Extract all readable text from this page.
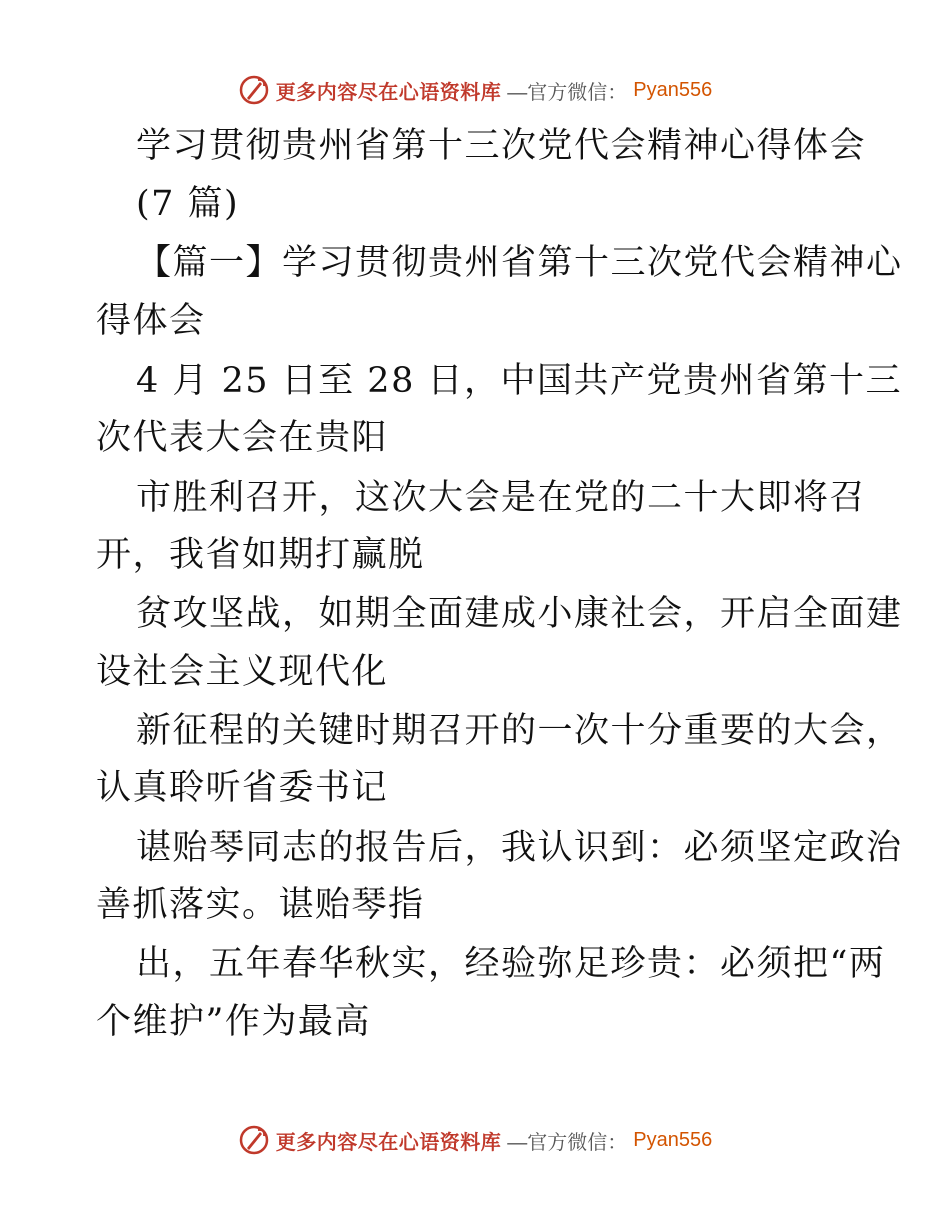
更多内容尽在心语资料库 —官方微信： Pyan556
学习贯彻贵州省第十三次党代会精神心得体会
(7 篇)
【篇一】学习贯彻贵州省第十三次党代会精神心
得体会
4 月 25 日至 28 日，中国共产党贵州省第十三
次代表大会在贵阳
市胜利召开，这次大会是在党的二十大即将召
开，我省如期打赢脱
贫攻坚战，如期全面建成小康社会，开启全面建
设社会主义现代化
新征程的关键时期召开的一次十分重要的大会，
认真聆听省委书记
谌贻琴同志的报告后，我认识到：必须坚定政治
善抓落实。谌贻琴指
出，五年春华秋实，经验弥足珍贵：必须把“两
个维护”作为最高
更多内容尽在心语资料库 —官方微信： Pyan556
